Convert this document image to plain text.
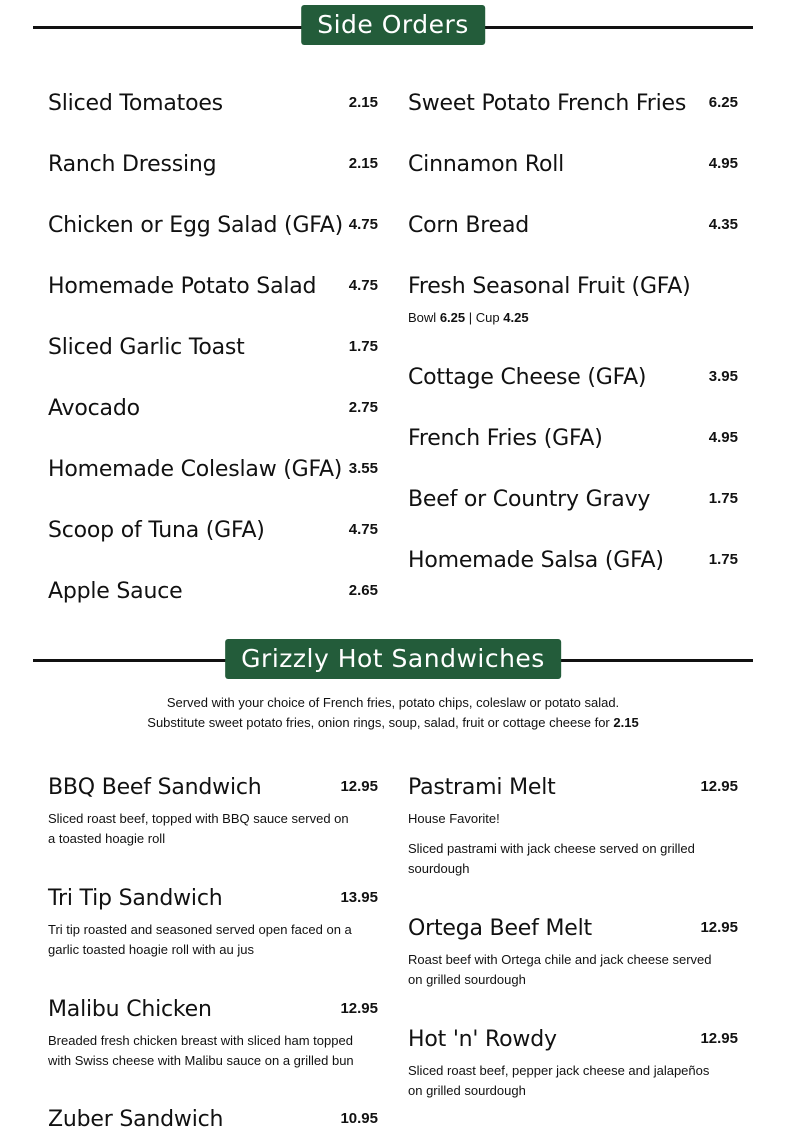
Side Orders
Sliced Tomatoes	2.15
Ranch Dressing	2.15
Chicken or Egg Salad (GFA) 4.75
Homemade Potato Salad 4.75
Sliced Garlic Toast	1.75
Avocado	2.75
Homemade Coleslaw (GFA) 3.55
Scoop of Tuna (GFA)	4.75
Apple Sauce	2.65
Sweet Potato French Fries 6.25
Cinnamon Roll	4.95
Corn Bread	4.35
Fresh Seasonal Fruit (GFA)
Bowl 6.25 | Cup 4.25
Cottage Cheese (GFA)	3.95
French Fries (GFA)	4.95
Beef or Country Gravy	1.75
Homemade Salsa (GFA)	1.75
Grizzly Hot Sandwiches
Served with your choice of French fries, potato chips, coleslaw or potato salad.
Substitute sweet potato fries, onion rings, soup, salad, fruit or cottage cheese for 2.15
BBQ Beef Sandwich	12.95
Sliced roast beef, topped with BBQ sauce served on a toasted hoagie roll
Tri Tip Sandwich	13.95
Tri tip roasted and seasoned served open faced on a garlic toasted hoagie roll with au jus
Malibu Chicken	12.95
Breaded fresh chicken breast with sliced ham topped with Swiss cheese with Malibu sauce on a grilled bun
Zuber Sandwich	10.95
Pastrami Melt	12.95
House Favorite!
Sliced pastrami with jack cheese served on grilled sourdough
Ortega Beef Melt	12.95
Roast beef with Ortega chile and jack cheese served on grilled sourdough
Hot 'n' Rowdy	12.95
Sliced roast beef, pepper jack cheese and jalapeños on grilled sourdough
